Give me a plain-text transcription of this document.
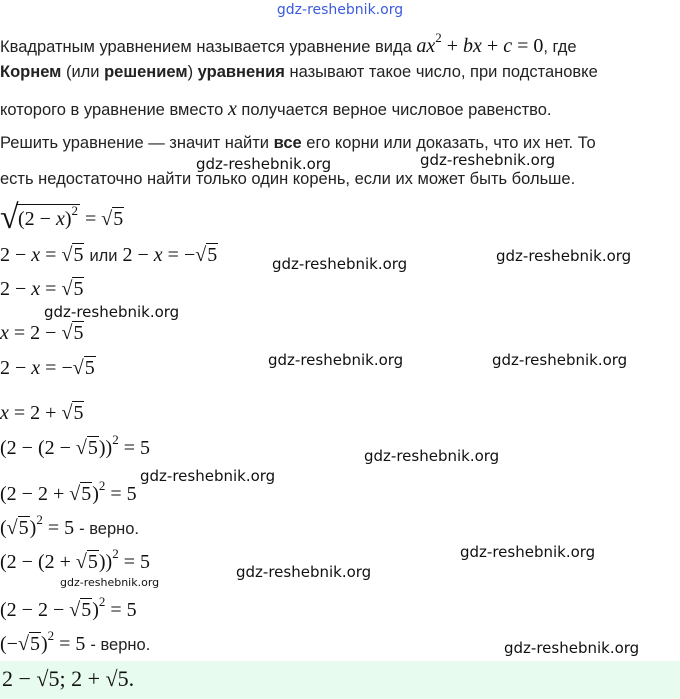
gdz-reshebnik.org
Квадратным уравнением называется уравнение вида $ax^2$ + bx + c = 0, где
Корнем (или решением) уравнения называют такое число, при подстановке
которого в уравнение вместо x получается верное числовое равенство.
Решить уравнение — значит найти все его корни или доказать, что их нет. То
есть недостаточно найти только один корень, если их может быть больше.
√ $(2 - x)^2 = √5$
2 − x = √5 или 2 − x = −√5
2 − x = √5
x = 2 − √5
2 − x = −√5
x = 2 + √5
$(2 - (2 - √5))^2 = 5$
$(2 - 2 + √5)^2 = 5$
$(√5)^2 = 5$ - верно.
$(2 - (2 + √5))^2 = 5$
$(2 - 2 - √5)^2 = 5$
$(-√5)^2 = 5$ - верно.
2 − √5; 2 + √5.
gdz-reshebnik.org	gdz-reshebnik.org
gdz-reshebnik.org	gdz-reshebnik.org
gdz-reshebnik.org
gdz-reshebnik.org	gdz-reshebnik.org
gdz-reshebnik.org
gdz-reshebnik.org
gdz-reshebnik.org
gdz-reshebnik.org
gdz-reshebnik.org
gdz-reshebnik.org
